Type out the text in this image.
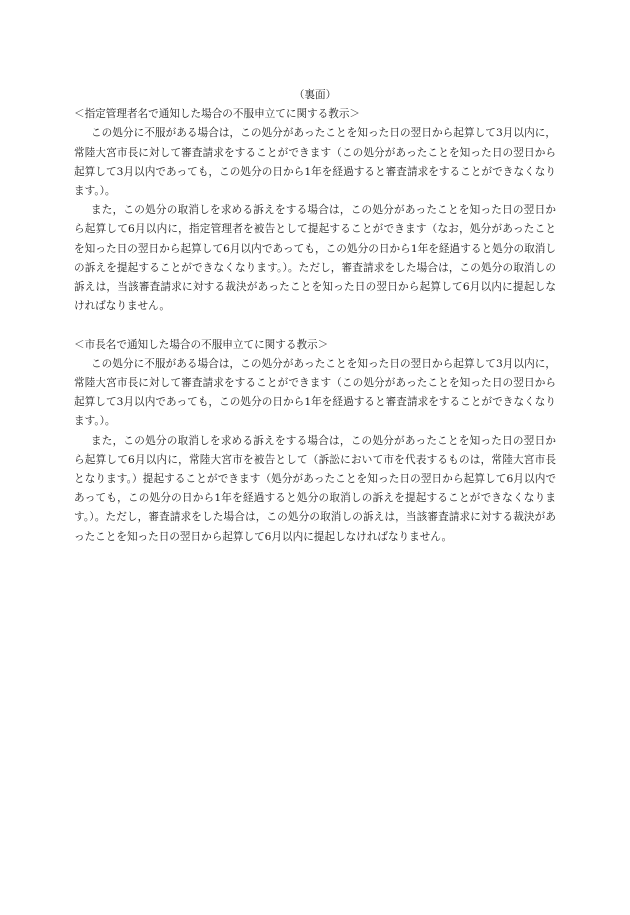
（裏面）

＜指定管理者名で通知した場合の不服申立てに関する教示＞

この処分に不服がある場合は，この処分があったことを知った日の翌日から起算して3月以内に，常陸大宮市長に対して審査請求をすることができます（この処分があったことを知った日の翌日から起算して3月以内であっても，この処分の日から1年を経過すると審査請求をすることができなくなります。）。

また，この処分の取消しを求める訴えをする場合は，この処分があったことを知った日の翌日から起算して6月以内に，指定管理者を被告として提起することができます（なお，処分があったことを知った日の翌日から起算して6月以内であっても，この処分の日から1年を経過すると処分の取消しの訴えを提起することができなくなります。）。ただし，審査請求をした場合は，この処分の取消しの訴えは，当該審査請求に対する裁決があったことを知った日の翌日から起算して6月以内に提起しなければなりません。

＜市長名で通知した場合の不服申立てに関する教示＞

この処分に不服がある場合は，この処分があったことを知った日の翌日から起算して3月以内に，常陸大宮市長に対して審査請求をすることができます（この処分があったことを知った日の翌日から起算して3月以内であっても，この処分の日から1年を経過すると審査請求をすることができなくなります。）。

また，この処分の取消しを求める訴えをする場合は，この処分があったことを知った日の翌日から起算して6月以内に，常陸大宮市を被告として（訴訟において市を代表するものは，常陸大宮市長となります。）提起することができます（処分があったことを知った日の翌日から起算して6月以内であっても，この処分の日から1年を経過すると処分の取消しの訴えを提起することができなくなります。）。ただし，審査請求をした場合は，この処分の取消しの訴えは，当該審査請求に対する裁決があったことを知った日の翌日から起算して6月以内に提起しなければなりません。
